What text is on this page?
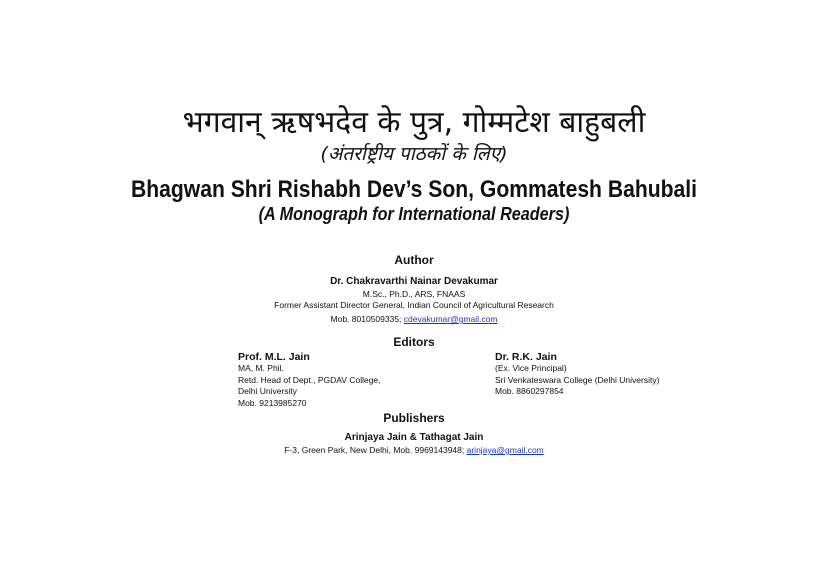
भगवान् ऋषभदेव के पुत्र, गोम्मटेश बाहुबली
(अंतर्राष्ट्रीय पाठकों के लिए)
Bhagwan Shri Rishabh Dev’s Son, Gommatesh Bahubali
(A Monograph for International Readers)
Author
Dr. Chakravarthi Nainar Devakumar
M.Sc., Ph.D., ARS, FNAAS
Former Assistant Director General, Indian Council of Agricultural Research
Mob. 8010509335; cdevakumar@gmail.com
Editors
Prof. M.L. Jain
MA, M. Phil.
Retd. Head of Dept., PGDAV College,
Delhi University
Mob. 9213985270
Dr. R.K. Jain
(Ex. Vice Principal)
Sri Venkateswara College (Delhi University)
Mob. 8860297854
Publishers
Arinjaya Jain & Tathagat Jain
F-3, Green Park, New Delhi, Mob. 9969143948; arinjaya@gmail.com
